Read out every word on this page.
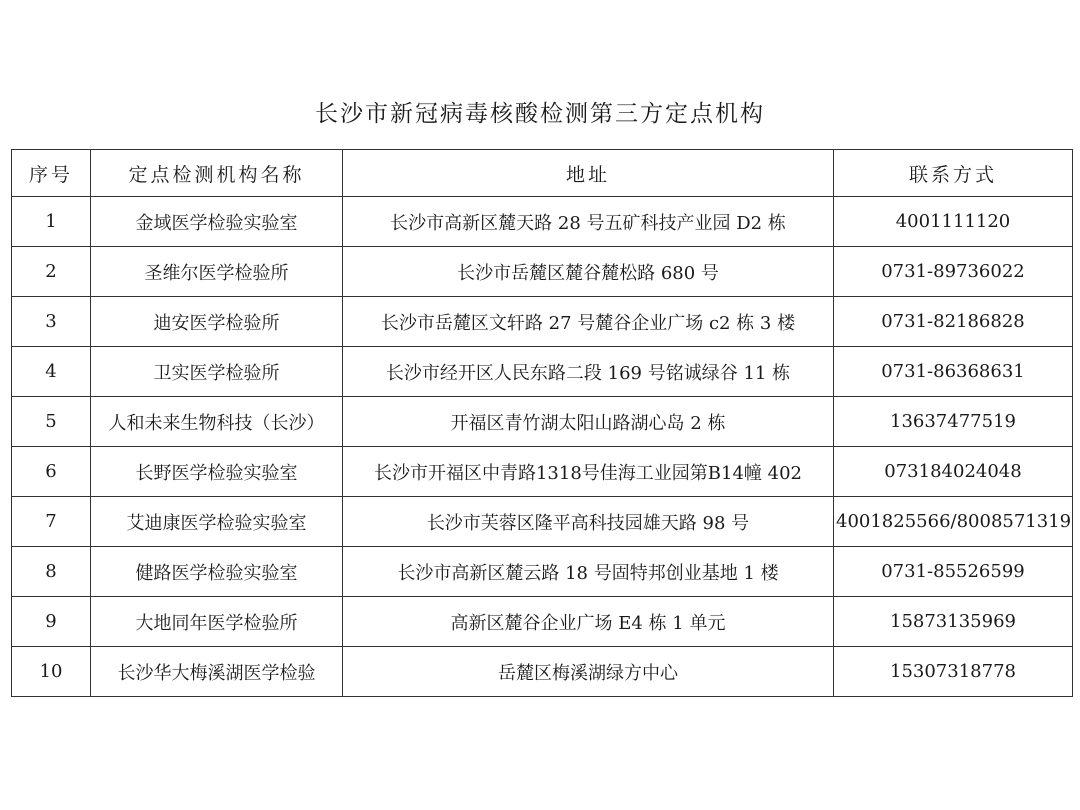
长沙市新冠病毒核酸检测第三方定点机构
序号	定点检测机构名称	地址	联系方式
1	金域医学检验实验室	长沙市高新区麓天路 28 号五矿科技产业园 D2 栋	4001111120
2	圣维尔医学检验所	长沙市岳麓区麓谷麓松路 680 号	0731-89736022
3	迪安医学检验所	长沙市岳麓区文轩路 27 号麓谷企业广场 c2 栋 3 楼	0731-82186828
4	卫实医学检验所	长沙市经开区人民东路二段 169 号铭诚绿谷 11 栋	0731-86368631
5	人和未来生物科技（长沙）	开福区青竹湖太阳山路湖心岛 2 栋	13637477519
6	长野医学检验实验室	长沙市开福区中青路1318号佳海工业园第B14幢 402	073184024048
7	艾迪康医学检验实验室	长沙市芙蓉区隆平高科技园雄天路 98 号	4001825566/8008571319
8	健路医学检验实验室	长沙市高新区麓云路 18 号固特邦创业基地 1 楼	0731-85526599
9	大地同年医学检验所	高新区麓谷企业广场 E4 栋 1 单元	15873135969
10	长沙华大梅溪湖医学检验	岳麓区梅溪湖绿方中心	15307318778
